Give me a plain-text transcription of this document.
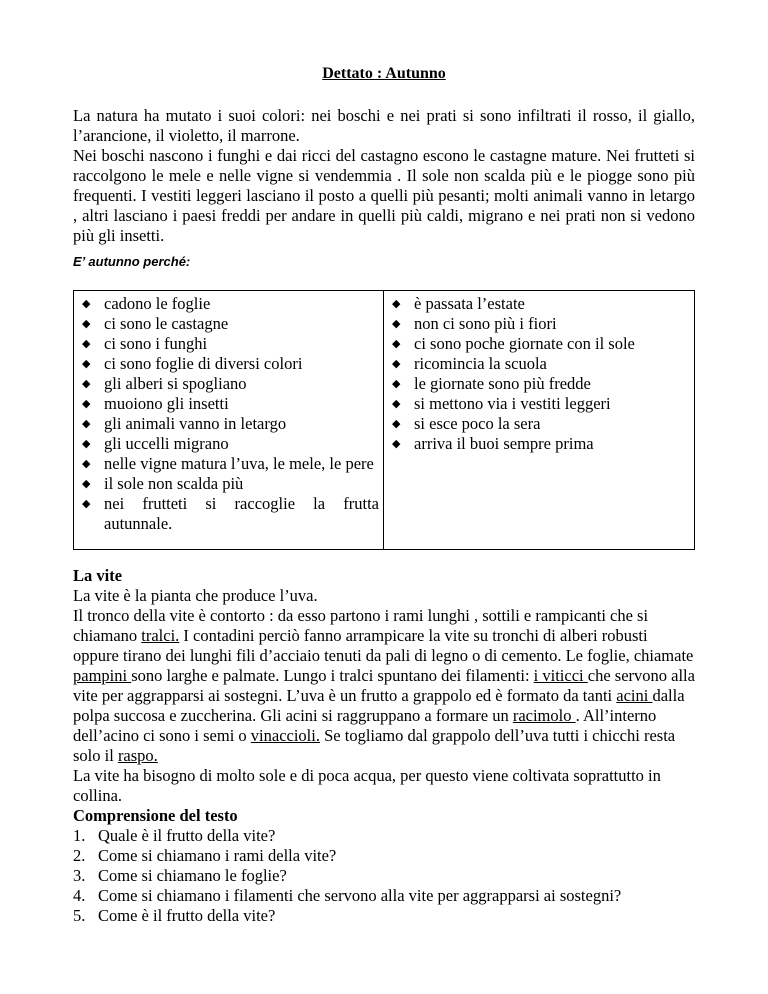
Dettato : Autunno

La natura ha mutato i suoi colori: nei boschi e nei prati si sono infiltrati il rosso, il giallo, l’arancione, il violetto, il marrone.

Nei boschi nascono i funghi e dai ricci del castagno escono le castagne mature. Nei frutteti si raccolgono le mele e nelle vigne si vendemmia . Il sole non scalda più e le piogge sono più frequenti. I vestiti leggeri lasciano il posto a quelli più pesanti; molti animali vanno in letargo , altri lasciano i paesi freddi per andare in quelli più caldi, migrano e nei prati non si vedono più gli insetti.

E’ autunno perché:
◆ cadono le foglie
◆ ci sono le castagne
◆ ci sono i funghi
◆ ci sono foglie di diversi colori
◆ gli alberi si spogliano
◆ muoiono gli insetti
◆ gli animali vanno in letargo
◆ gli uccelli migrano
◆ nelle vigne matura l’uva, le mele, le pere
◆ il sole non scalda più
◆ nei frutteti si raccoglie la frutta autunnale.
◆ è passata l’estate
◆ non ci sono più i fiori
◆ ci sono poche giornate con il sole
◆ ricomincia la scuola
◆ le giornate sono più fredde
◆ si mettono via i vestiti leggeri
◆ si esce poco la sera
◆ arriva il buoi sempre prima
La vite

La vite è la pianta che produce l’uva.

Il tronco della vite è contorto : da esso partono i rami lunghi , sottili e rampicanti che si chiamano tralci. I contadini perciò fanno arrampicare la vite su tronchi di alberi robusti oppure tirano dei lunghi fili d’acciaio tenuti da pali di legno o di cemento. Le foglie, chiamate pampini sono larghe e palmate. Lungo i tralci spuntano dei filamenti: i viticci che servono alla vite per aggrapparsi ai sostegni. L’uva è un frutto a grappolo ed è formato da tanti acini dalla polpa succosa e zuccherina. Gli acini si raggruppano a formare un racimolo . All’interno dell’acino ci sono i semi o vinaccioli. Se togliamo dal grappolo dell’uva tutti i chicchi resta solo il raspo.

La vite ha bisogno di molto sole e di poca acqua, per questo viene coltivata soprattutto in collina.

Comprensione del testo
1. Quale è il frutto della vite?
2. Come si chiamano i rami della vite?
3. Come si chiamano le foglie?
4. Come si chiamano i filamenti che servono alla vite per aggrapparsi ai sostegni?
5. Come è il frutto della vite?
